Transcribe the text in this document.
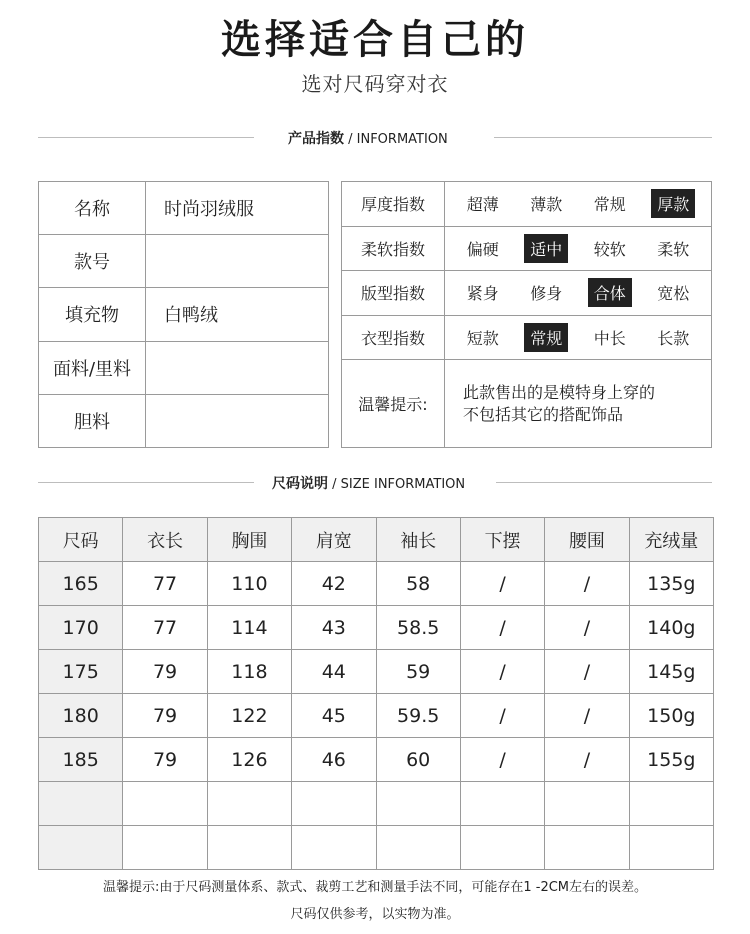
选择适合自己的
选对尺码穿对衣
产品指数 / INFORMATION
名称	时尚羽绒服
款号	
填充物	白鸭绒
面料/里料	
胆料	
厚度指数	超薄 薄款 常规 厚款

柔软指数	偏硬 适中 较软 柔软

版型指数	紧身 修身 合体 宽松

衣型指数	短款 常规 中长 长款

温馨提示:	此款售出的是模特身上穿的
不包括其它的搭配饰品
尺码说明 / SIZE INFORMATION
尺码	衣长	胸围	肩宽	袖长	下摆	腰围	充绒量
165	77	110	42	58	/	/	135g
170	77	114	43	58.5	/	/	140g
175	79	118	44	59	/	/	145g
180	79	122	45	59.5	/	/	150g
185	79	126	46	60	/	/	155g

温馨提示:由于尺码测量体系、款式、裁剪工艺和测量手法不同，可能存在1 -2CM左右的误差。
尺码仅供参考，以实物为准。
